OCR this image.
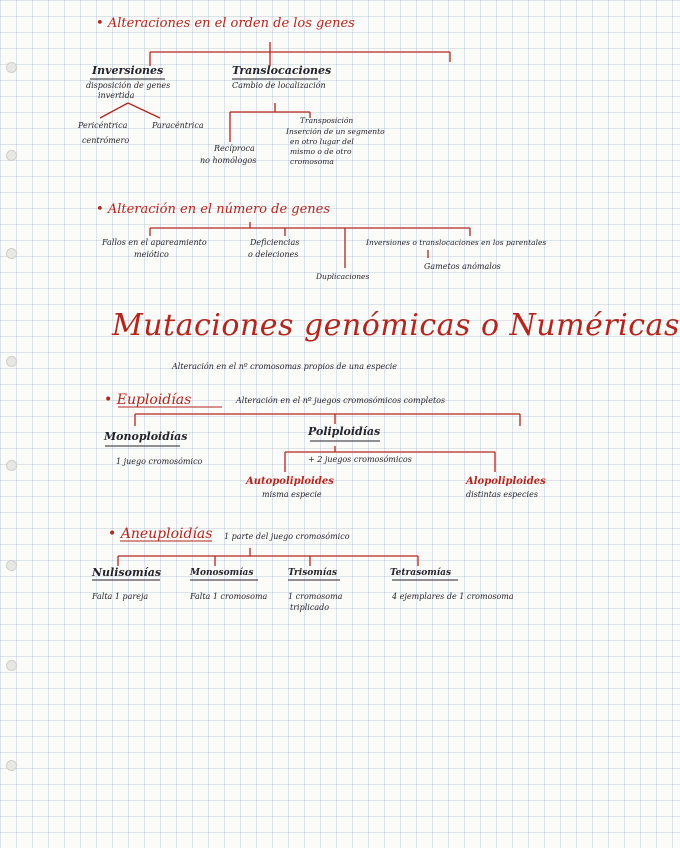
• Alteraciones en el orden de los genes
Inversiones
disposición de genes
invertida
Pericéntrica
centrómero
Paracéntrica
Translocaciones
Cambio de localización
Recíproca
no homólogos
Transposición
Inserción de un segmento
en otro lugar del
mismo o de otro
cromosoma
• Alteración en el número de genes
Fallos en el apareamiento
meiótico
Deficiencias
o deleciones
Duplicaciones
Inversiones o translocaciones en los parentales
Gametos anómalos
Mutaciones genómicas o Numéricas
Alteración en el nº cromosomas propios de una especie
• Euploidías	Alteración en el nº juegos cromosómicos completos
Monoploidías
1 juego cromosómico
Poliploidías
+ 2 juegos cromosómicos
Autopoliploides
misma especie
Alopoliploides
distintas especies
• Aneuploidías 1 parte del juego cromosómico
Nulisomías
Falta 1 pareja
Monosomías
Falta 1 cromosoma
Trisomías
1 cromosoma
triplicado
Tetrasomías
4 ejemplares de 1 cromosoma
